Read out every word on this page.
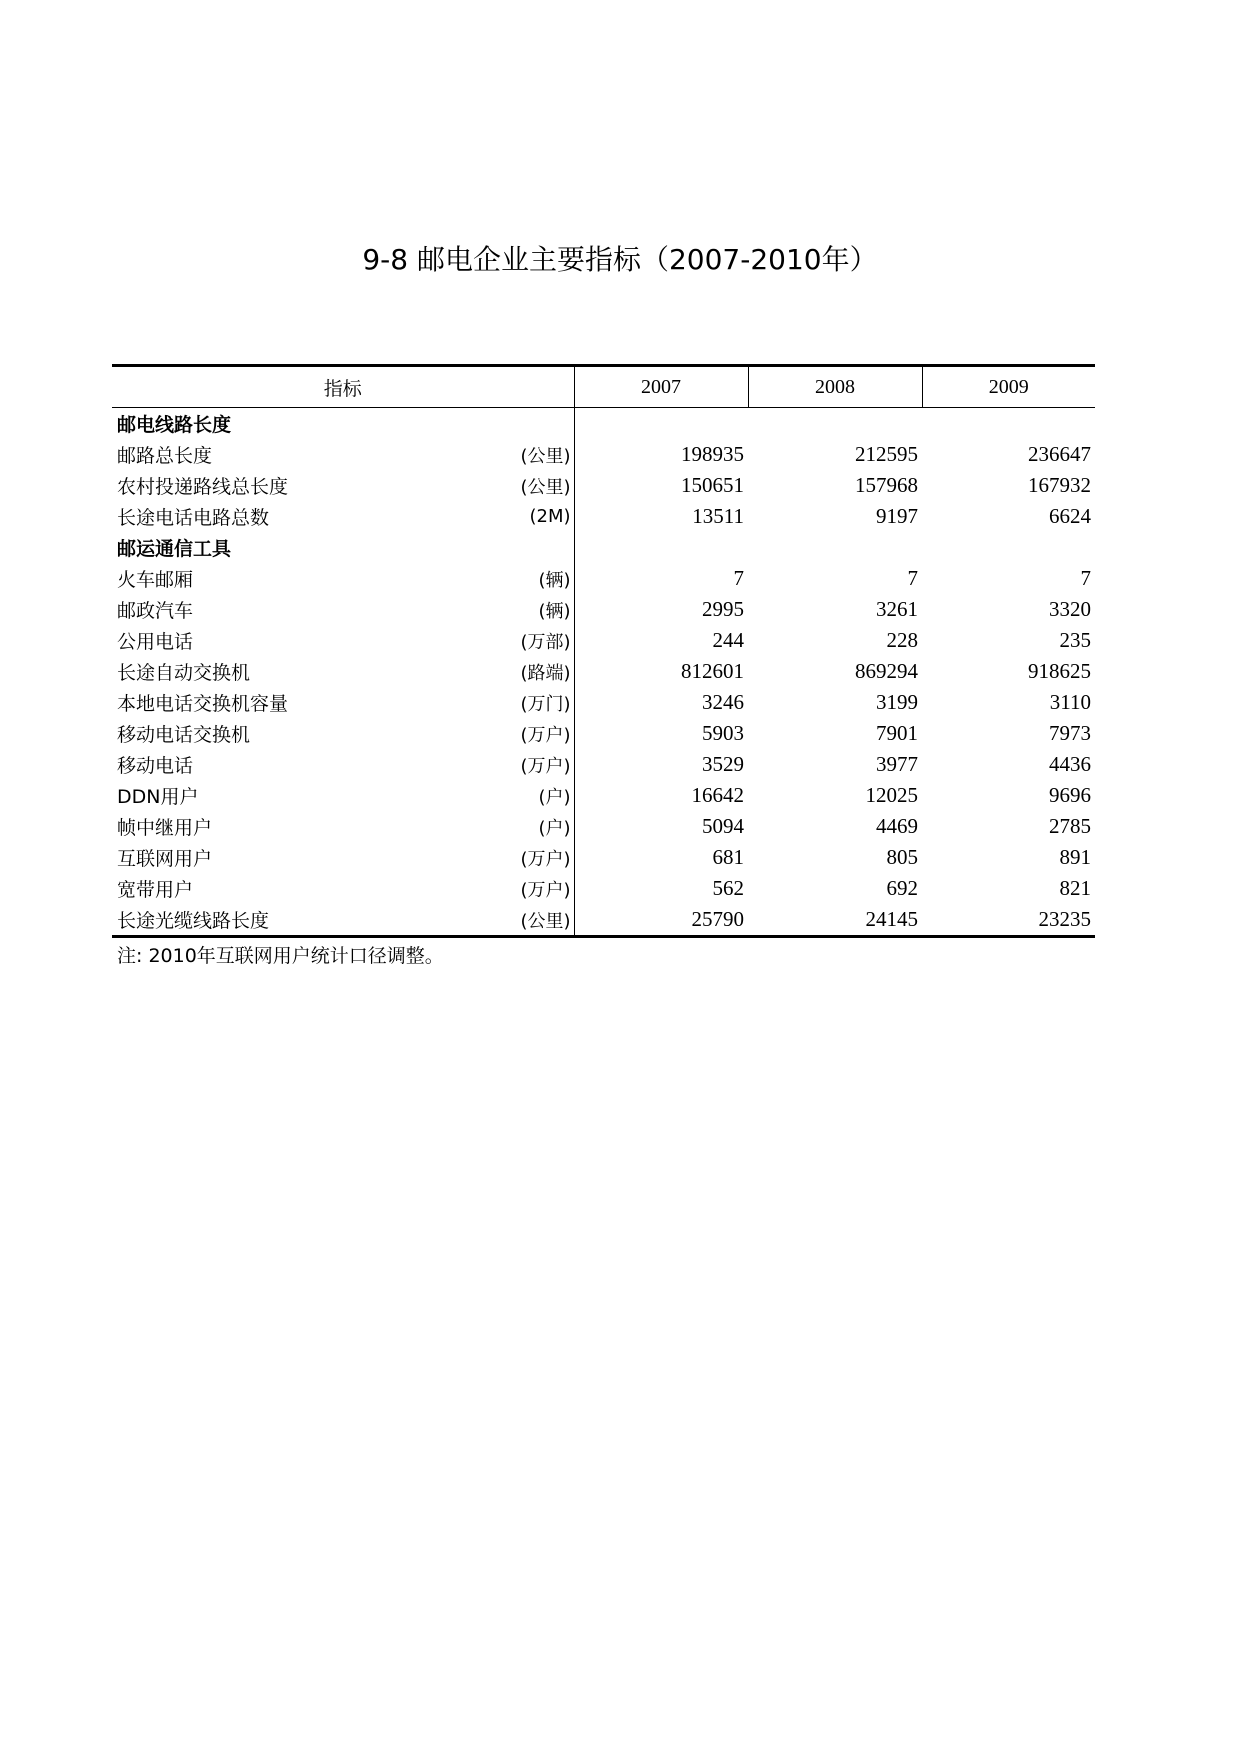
9-8 邮电企业主要指标（2007-2010年）
指标		2007	2008	2009
邮电线路长度				
邮路总长度	(公里)	198935	212595	236647
农村投递路线总长度	(公里)	150651	157968	167932
长途电话电路总数	(2M)	13511	9197	6624
邮运通信工具				
火车邮厢	(辆)	7	7	7
邮政汽车	(辆)	2995	3261	3320
公用电话	(万部)	244	228	235
长途自动交换机	(路端)	812601	869294	918625
本地电话交换机容量	(万门)	3246	3199	3110
移动电话交换机	(万户)	5903	7901	7973
移动电话	(万户)	3529	3977	4436
DDN用户	(户)	16642	12025	9696
帧中继用户	(户)	5094	4469	2785
互联网用户	(万户)	681	805	891
宽带用户	(万户)	562	692	821
长途光缆线路长度	(公里)	25790	24145	23235
注: 2010年互联网用户统计口径调整。
